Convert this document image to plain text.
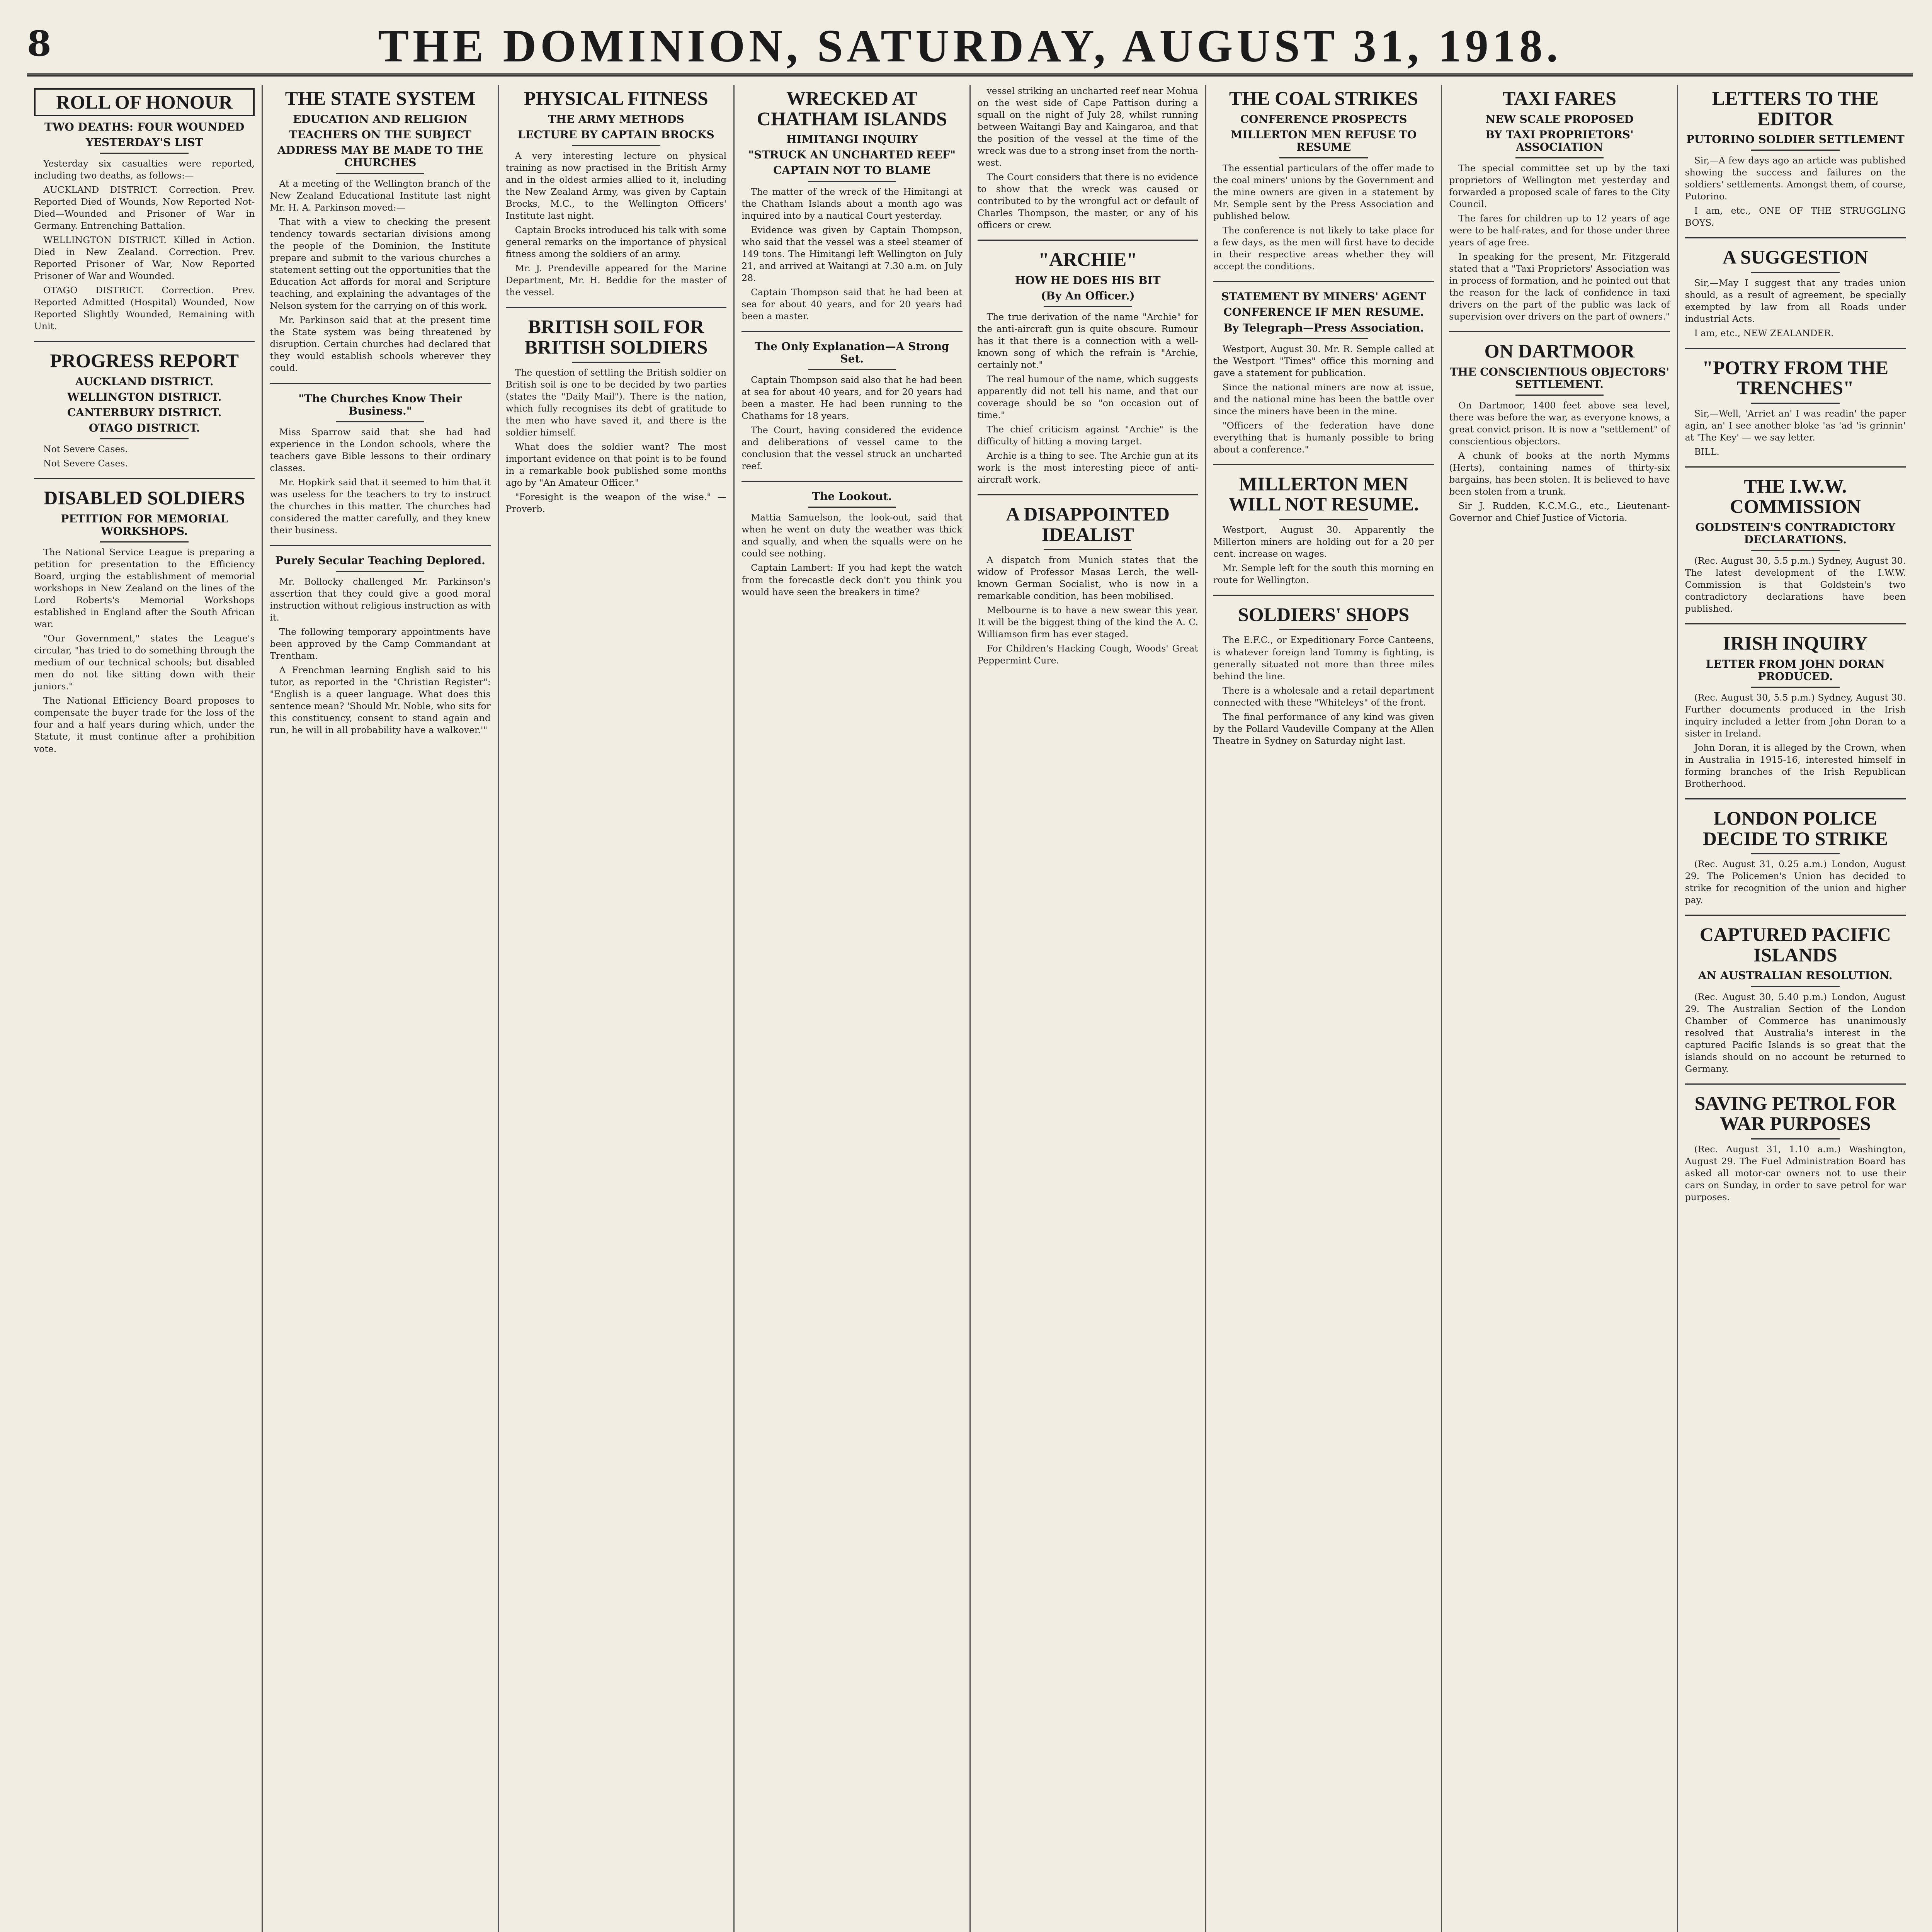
8	THE DOMINION, SATURDAY, AUGUST 31, 1918.
ROLL OF HONOUR
TWO DEATHS: FOUR WOUNDED
YESTERDAY'S LIST

Yesterday six casualties were reported, including two deaths, as follows:—

AUCKLAND DISTRICT. Correction. Prev. Reported Died of Wounds, Now Reported Not-Died—Wounded and Prisoner of War in Germany. Entrenching Battalion.

WELLINGTON DISTRICT. Killed in Action. Died in New Zealand. Correction. Prev. Reported Prisoner of War, Now Reported Prisoner of War and Wounded.

OTAGO DISTRICT. Correction. Prev. Reported Admitted (Hospital) Wounded, Now Reported Slightly Wounded, Remaining with Unit.

PROGRESS REPORT
AUCKLAND DISTRICT.
WELLINGTON DISTRICT.
CANTERBURY DISTRICT.
OTAGO DISTRICT.

Not Severe Cases.

Not Severe Cases.

DISABLED SOLDIERS
PETITION FOR MEMORIAL WORKSHOPS.

The National Service League is preparing a petition for presentation to the Efficiency Board, urging the establishment of memorial workshops in New Zealand on the lines of the Lord Roberts's Memorial Workshops established in England after the South African war.

"Our Government," states the League's circular, "has tried to do something through the medium of our technical schools; but disabled men do not like sitting down with their juniors."

The National Efficiency Board proposes to compensate the buyer trade for the loss of the four and a half years during which, under the Statute, it must continue after a prohibition vote.

THE STATE SYSTEM
EDUCATION AND RELIGION
TEACHERS ON THE SUBJECT
ADDRESS MAY BE MADE TO THE CHURCHES

At a meeting of the Wellington branch of the New Zealand Educational Institute last night Mr. H. A. Parkinson moved:—

That with a view to checking the present tendency towards sectarian divisions among the people of the Dominion, the Institute prepare and submit to the various churches a statement setting out the opportunities that the Education Act affords for moral and Scripture teaching, and explaining the advantages of the Nelson system for the carrying on of this work.

Mr. Parkinson said that at the present time the State system was being threatened by disruption. Certain churches had declared that they would establish schools wherever they could.

"The Churches Know Their Business."

Miss Sparrow said that she had had experience in the London schools, where the teachers gave Bible lessons to their ordinary classes.

Mr. Hopkirk said that it seemed to him that it was useless for the teachers to try to instruct the churches in this matter. The churches had considered the matter carefully, and they knew their business.

Purely Secular Teaching Deplored.

Mr. Bollocky challenged Mr. Parkinson's assertion that they could give a good moral instruction without religious instruction as with it.

The following temporary appointments have been approved by the Camp Commandant at Trentham.

A Frenchman learning English said to his tutor, as reported in the "Christian Register": "English is a queer language. What does this sentence mean? 'Should Mr. Noble, who sits for this constituency, consent to stand again and run, he will in all probability have a walkover.'"

PHYSICAL FITNESS
THE ARMY METHODS
LECTURE BY CAPTAIN BROCKS

A very interesting lecture on physical training as now practised in the British Army and in the oldest armies allied to it, including the New Zealand Army, was given by Captain Brocks, M.C., to the Wellington Officers' Institute last night.

Captain Brocks introduced his talk with some general remarks on the importance of physical fitness among the soldiers of an army.

Mr. J. Prendeville appeared for the Marine Department, Mr. H. Beddie for the master of the vessel.

BRITISH SOIL FOR BRITISH SOLDIERS

The question of settling the British soldier on British soil is one to be decided by two parties (states the "Daily Mail"). There is the nation, which fully recognises its debt of gratitude to the men who have saved it, and there is the soldier himself.

What does the soldier want? The most important evidence on that point is to be found in a remarkable book published some months ago by "An Amateur Officer."

"Foresight is the weapon of the wise." —Proverb.

WRECKED AT CHATHAM ISLANDS
HIMITANGI INQUIRY
"STRUCK AN UNCHARTED REEF"
CAPTAIN NOT TO BLAME

The matter of the wreck of the Himitangi at the Chatham Islands about a month ago was inquired into by a nautical Court yesterday.

Evidence was given by Captain Thompson, who said that the vessel was a steel steamer of 149 tons. The Himitangi left Wellington on July 21, and arrived at Waitangi at 7.30 a.m. on July 28.

Captain Thompson said that he had been at sea for about 40 years, and for 20 years had been a master.

The Only Explanation—A Strong Set.

Captain Thompson said also that he had been at sea for about 40 years, and for 20 years had been a master. He had been running to the Chathams for 18 years.

The Court, having considered the evidence and deliberations of vessel came to the conclusion that the vessel struck an uncharted reef.

The Lookout.

Mattia Samuelson, the look-out, said that when he went on duty the weather was thick and squally, and when the squalls were on he could see nothing.

Captain Lambert: If you had kept the watch from the forecastle deck don't you think you would have seen the breakers in time?

vessel striking an uncharted reef near Mohua on the west side of Cape Pattison during a squall on the night of July 28, whilst running between Waitangi Bay and Kaingaroa, and that the position of the vessel at the time of the wreck was due to a strong inset from the north-west.

The Court considers that there is no evidence to show that the wreck was caused or contributed to by the wrongful act or default of Charles Thompson, the master, or any of his officers or crew.

"ARCHIE"
HOW HE DOES HIS BIT
(By An Officer.)

The true derivation of the name "Archie" for the anti-aircraft gun is quite obscure. Rumour has it that there is a connection with a well-known song of which the refrain is "Archie, certainly not."

The real humour of the name, which suggests apparently did not tell his name, and that our coverage should be so "on occasion out of time."

The chief criticism against "Archie" is the difficulty of hitting a moving target.

Archie is a thing to see. The Archie gun at its work is the most interesting piece of anti-aircraft work.

A DISAPPOINTED IDEALIST

A dispatch from Munich states that the widow of Professor Masas Lerch, the well-known German Socialist, who is now in a remarkable condition, has been mobilised.

Melbourne is to have a new swear this year. It will be the biggest thing of the kind the A. C. Williamson firm has ever staged.

For Children's Hacking Cough, Woods' Great Peppermint Cure.

THE COAL STRIKES
CONFERENCE PROSPECTS
MILLERTON MEN REFUSE TO RESUME

The essential particulars of the offer made to the coal miners' unions by the Government and the mine owners are given in a statement by Mr. Semple sent by the Press Association and published below.

The conference is not likely to take place for a few days, as the men will first have to decide in their respective areas whether they will accept the conditions.

STATEMENT BY MINERS' AGENT
CONFERENCE IF MEN RESUME.
By Telegraph—Press Association.

Westport, August 30. Mr. R. Semple called at the Westport "Times" office this morning and gave a statement for publication.

Since the national miners are now at issue, and the national mine has been the battle over since the miners have been in the mine.

"Officers of the federation have done everything that is humanly possible to bring about a conference."

MILLERTON MEN WILL NOT RESUME.

Westport, August 30. Apparently the Millerton miners are holding out for a 20 per cent. increase on wages.

Mr. Semple left for the south this morning en route for Wellington.

SOLDIERS' SHOPS

The E.F.C., or Expeditionary Force Canteens, is whatever foreign land Tommy is fighting, is generally situated not more than three miles behind the line.

There is a wholesale and a retail department connected with these "Whiteleys" of the front.

The final performance of any kind was given by the Pollard Vaudeville Company at the Allen Theatre in Sydney on Saturday night last.

TAXI FARES
NEW SCALE PROPOSED
BY TAXI PROPRIETORS' ASSOCIATION

The special committee set up by the taxi proprietors of Wellington met yesterday and forwarded a proposed scale of fares to the City Council.

The fares for children up to 12 years of age were to be half-rates, and for those under three years of age free.

In speaking for the present, Mr. Fitzgerald stated that a "Taxi Proprietors' Association was in process of formation, and he pointed out that the reason for the lack of confidence in taxi drivers on the part of the public was lack of supervision over drivers on the part of owners."

ON DARTMOOR
THE CONSCIENTIOUS OBJECTORS' SETTLEMENT.

On Dartmoor, 1400 feet above sea level, there was before the war, as everyone knows, a great convict prison. It is now a "settlement" of conscientious objectors.

A chunk of books at the north Mymms (Herts), containing names of thirty-six bargains, has been stolen. It is believed to have been stolen from a trunk.

Sir J. Rudden, K.C.M.G., etc., Lieutenant-Governor and Chief Justice of Victoria.

LETTERS TO THE EDITOR
PUTORINO SOLDIER SETTLEMENT

Sir,—A few days ago an article was published showing the success and failures on the soldiers' settlements. Amongst them, of course, Putorino.

I am, etc., ONE OF THE STRUGGLING BOYS.

A SUGGESTION

Sir,—May I suggest that any trades union should, as a result of agreement, be specially exempted by law from all Roads under industrial Acts.

I am, etc., NEW ZEALANDER.

"POTRY FROM THE TRENCHES"

Sir,—Well, 'Arriet an' I was readin' the paper agin, an' I see another bloke 'as 'ad 'is grinnin' at 'The Key' — we say letter.

BILL.

THE I.W.W. COMMISSION
GOLDSTEIN'S CONTRADICTORY DECLARATIONS.

(Rec. August 30, 5.5 p.m.) Sydney, August 30. The latest development of the I.W.W. Commission is that Goldstein's two contradictory declarations have been published.

IRISH INQUIRY
LETTER FROM JOHN DORAN PRODUCED.

(Rec. August 30, 5.5 p.m.) Sydney, August 30. Further documents produced in the Irish inquiry included a letter from John Doran to a sister in Ireland.

John Doran, it is alleged by the Crown, when in Australia in 1915-16, interested himself in forming branches of the Irish Republican Brotherhood.

LONDON POLICE DECIDE TO STRIKE

(Rec. August 31, 0.25 a.m.) London, August 29. The Policemen's Union has decided to strike for recognition of the union and higher pay.

CAPTURED PACIFIC ISLANDS
AN AUSTRALIAN RESOLUTION.

(Rec. August 30, 5.40 p.m.) London, August 29. The Australian Section of the London Chamber of Commerce has unanimously resolved that Australia's interest in the captured Pacific Islands is so great that the islands should on no account be returned to Germany.

SAVING PETROL FOR WAR PURPOSES

(Rec. August 31, 1.10 a.m.) Washington, August 29. The Fuel Administration Board has asked all motor-car owners not to use their cars on Sunday, in order to save petrol for war purposes.
